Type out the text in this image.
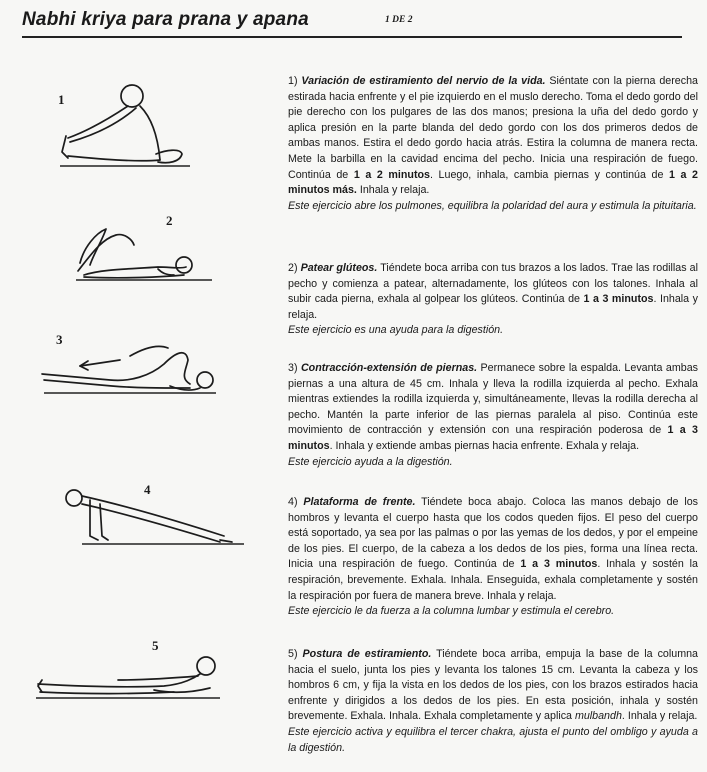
Nabhi kriya para prana y apana	1 DE 2
1
2
3
4
5
1) Variación de estiramiento del nervio de la vida. Siéntate con la pierna derecha estirada hacia enfrente y el pie izquierdo en el muslo derecho. Toma el dedo gordo del pie derecho con los pulgares de las dos manos; presiona la uña del dedo gordo y aplica presión en la parte blanda del dedo gordo con los dos primeros dedos de ambas manos. Estira el dedo gordo hacia atrás. Estira la columna de manera recta. Mete la barbilla en la cavidad encima del pecho. Inicia una respiración de fuego. Continúa de 1 a 2 minutos. Luego, inhala, cambia piernas y continúa de 1 a 2 minutos más. Inhala y relaja.
Este ejercicio abre los pulmones, equilibra la polaridad del aura y estimula la pituitaria.
2) Patear glúteos. Tiéndete boca arriba con tus brazos a los lados. Trae las rodillas al pecho y comienza a patear, alternadamente, los glúteos con los talones. Inhala al subir cada pierna, exhala al golpear los glúteos. Continúa de 1 a 3 minutos. Inhala y relaja.
Este ejercicio es una ayuda para la digestión.
3) Contracción-extensión de piernas. Permanece sobre la espalda. Levanta ambas piernas a una altura de 45 cm. Inhala y lleva la rodilla izquierda al pecho. Exhala mientras extiendes la rodilla izquierda y, simultáneamente, llevas la rodilla derecha al pecho. Mantén la parte inferior de las piernas paralela al piso. Continúa este movimiento de contracción y extensión con una respiración poderosa de 1 a 3 minutos. Inhala y extiende ambas piernas hacia enfrente. Exhala y relaja.
Este ejercicio ayuda a la digestión.
4) Plataforma de frente. Tiéndete boca abajo. Coloca las manos debajo de los hombros y levanta el cuerpo hasta que los codos queden fijos. El peso del cuerpo está soportado, ya sea por las palmas o por las yemas de los dedos, y por el empeine de los pies. El cuerpo, de la cabeza a los dedos de los pies, forma una línea recta. Inicia una respiración de fuego. Continúa de 1 a 3 minutos. Inhala y sostén la respiración, brevemente. Exhala. Inhala. Enseguida, exhala completamente y sostén la respiración por fuera de manera breve. Inhala y relaja.
Este ejercicio le da fuerza a la columna lumbar y estimula el cerebro.
5) Postura de estiramiento. Tiéndete boca arriba, empuja la base de la columna hacia el suelo, junta los pies y levanta los talones 15 cm. Levanta la cabeza y los hombros 6 cm, y fija la vista en los dedos de los pies, con los brazos estirados hacia enfrente y dirigidos a los dedos de los pies. En esta posición, inhala y sostén brevemente. Exhala. Inhala. Exhala completamente y aplica mulbandh. Inhala y relaja.
Este ejercicio activa y equilibra el tercer chakra, ajusta el punto del ombligo y ayuda a la digestión.
